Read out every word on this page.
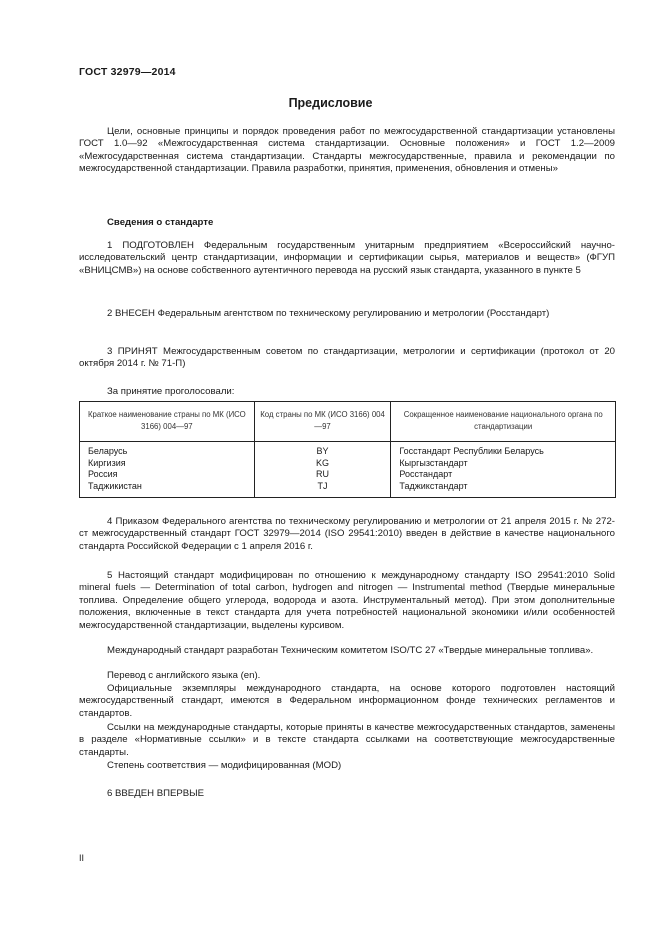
ГОСТ 32979—2014
Предисловие

Цели, основные принципы и порядок проведения работ по межгосударственной стандартизации установлены ГОСТ 1.0—92 «Межгосударственная система стандартизации. Основные положения» и ГОСТ 1.2—2009 «Межгосударственная система стандартизации. Стандарты межгосударственные, правила и рекомендации по межгосударственной стандартизации. Правила разработки, принятия, применения, обновления и отмены»

Сведения о стандарте

1 ПОДГОТОВЛЕН Федеральным государственным унитарным предприятием «Всероссийский научно-исследовательский центр стандартизации, информации и сертификации сырья, материалов и веществ» (ФГУП «ВНИЦСМВ») на основе собственного аутентичного перевода на русский язык стандарта, указанного в пункте 5

2 ВНЕСЕН Федеральным агентством по техническому регулированию и метрологии (Росстандарт)

3 ПРИНЯТ Межгосударственным советом по стандартизации, метрологии и сертификации (протокол от 20 октября 2014 г. № 71-П)

За принятие проголосовали:
Краткое наименование страны по МК (ИСО 3166) 004—97	Код страны по МК (ИСО 3166) 004—97	Сокращенное наименование национального органа по стандартизации
Беларусь	BY	Госстандарт Республики Беларусь
Киргизия	KG	Кыргызстандарт
Россия	RU	Росстандарт
Таджикистан	TJ	Таджикстандарт

4 Приказом Федерального агентства по техническому регулированию и метрологии от 21 апреля 2015 г. № 272-ст межгосударственный стандарт ГОСТ 32979—2014 (ISO 29541:2010) введен в действие в качестве национального стандарта Российской Федерации с 1 апреля 2016 г.

5 Настоящий стандарт модифицирован по отношению к международному стандарту ISO 29541:2010 Solid mineral fuels — Determination of total carbon, hydrogen and nitrogen — Instrumental method (Твердые минеральные топлива. Определение общего углерода, водорода и азота. Инструментальный метод). При этом дополнительные положения, включенные в текст стандарта для учета потребностей национальной экономики и/или особенностей межгосударственной стандартизации, выделены курсивом.

Международный стандарт разработан Техническим комитетом ISO/TC 27 «Твердые минеральные топлива».

Перевод с английского языка (en).

Официальные экземпляры международного стандарта, на основе которого подготовлен настоящий межгосударственный стандарт, имеются в Федеральном информационном фонде технических регламентов и стандартов.

Ссылки на международные стандарты, которые приняты в качестве межгосударственных стандартов, заменены в разделе «Нормативные ссылки» и в тексте стандарта ссылками на соответствующие межгосударственные стандарты.

Степень соответствия — модифицированная (MOD)

6 ВВЕДЕН ВПЕРВЫЕ

II
